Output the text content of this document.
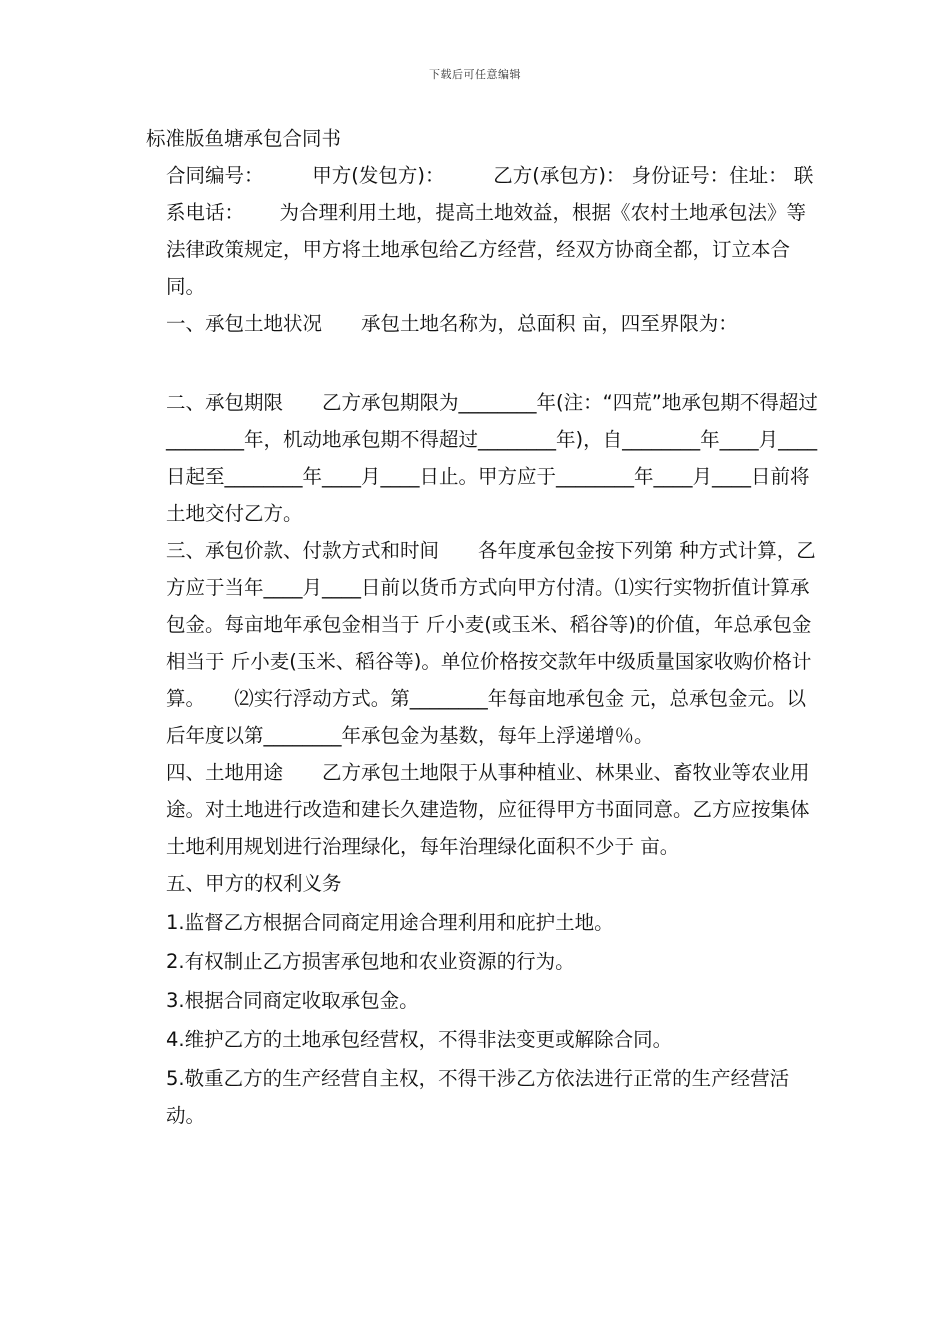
下载后可任意编辑
标准版鱼塘承包合同书

合同编号：　　　甲方(发包方)：　　　乙方(承包方)： 身份证号：住址： 联系电话：　　 为合理利用土地，提高土地效益，根据《农村土地承包法》等法律政策规定，甲方将土地承包给乙方经营，经双方协商全都，订立本合同。

一、承包土地状况　　承包土地名称为，总面积 亩，四至界限为：

二、承包期限　　乙方承包期限为________年(注：“四荒”地承包期不得超过________年，机动地承包期不得超过________年)，自________年____月____日起至________年____月____日止。甲方应于________年____月____日前将土地交付乙方。

三、承包价款、付款方式和时间　　各年度承包金按下列第 种方式计算，乙方应于当年____月____日前以货币方式向甲方付清。⑴实行实物折值计算承包金。每亩地年承包金相当于 斤小麦(或玉米、稻谷等)的价值，年总承包金相当于 斤小麦(玉米、稻谷等)。单位价格按交款年中级质量国家收购价格计算。　　⑵实行浮动方式。第________年每亩地承包金 元，总承包金元。以后年度以第________年承包金为基数，每年上浮递增％。

四、土地用途　　乙方承包土地限于从事种植业、林果业、畜牧业等农业用途。对土地进行改造和建长久建造物，应征得甲方书面同意。乙方应按集体土地利用规划进行治理绿化，每年治理绿化面积不少于 亩。

五、甲方的权利义务

1.监督乙方根据合同商定用途合理利用和庇护土地。

2.有权制止乙方损害承包地和农业资源的行为。

3.根据合同商定收取承包金。

4.维护乙方的土地承包经营权，不得非法变更或解除合同。

5.敬重乙方的生产经营自主权，不得干涉乙方依法进行正常的生产经营活动。
